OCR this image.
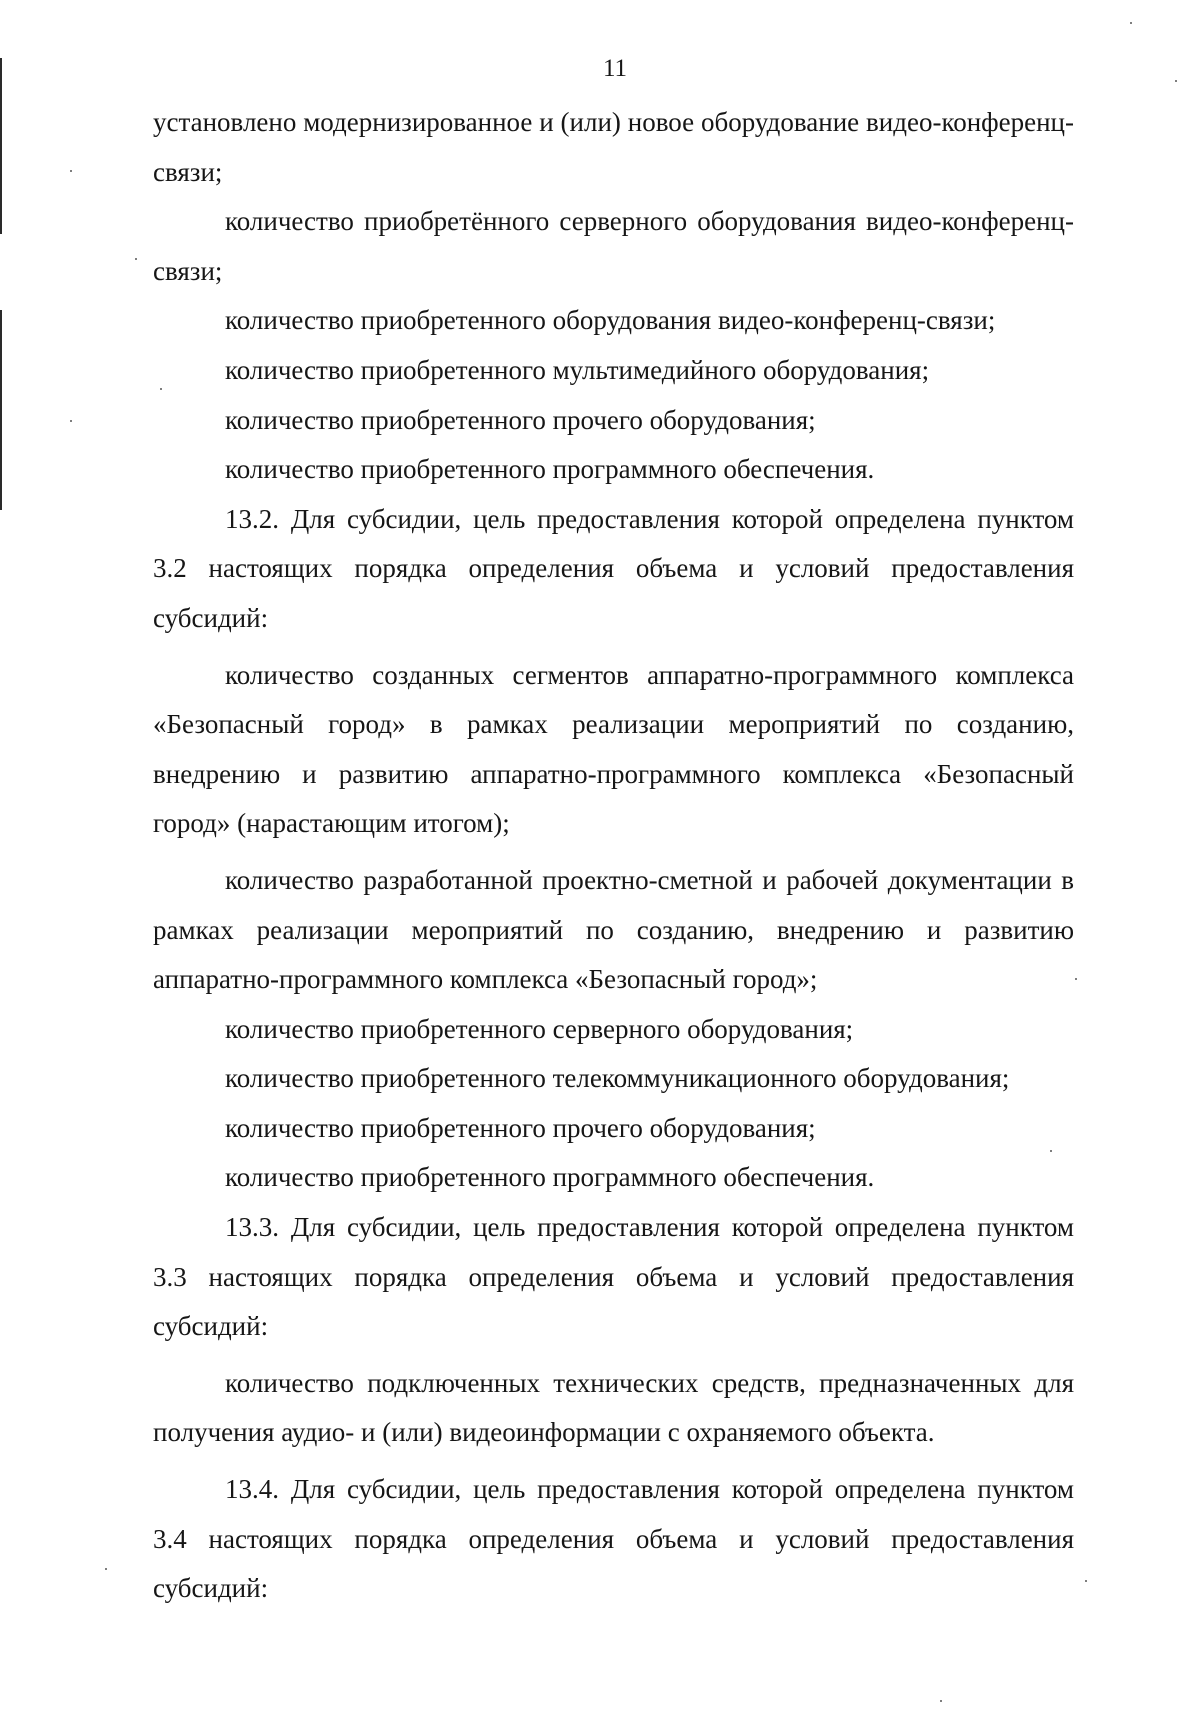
11

установлено модернизированное и (или) новое оборудование видео-конференц-связи;

количество приобретённого серверного оборудования видео-конференц-связи;

количество приобретенного оборудования видео-конференц-связи;

количество приобретенного мультимедийного оборудования;

количество приобретенного прочего оборудования;

количество приобретенного программного обеспечения.

13.2. Для субсидии, цель предоставления которой определена пунктом 3.2 настоящих порядка определения объема и условий предоставления субсидий:

количество созданных сегментов аппаратно-программного комплекса «Безопасный город» в рамках реализации мероприятий по созданию, внедрению и развитию аппаратно-программного комплекса «Безопасный город» (нарастающим итогом);

количество разработанной проектно-сметной и рабочей документации в рамках реализации мероприятий по созданию, внедрению и развитию аппаратно-программного комплекса «Безопасный город»;

количество приобретенного серверного оборудования;

количество приобретенного телекоммуникационного оборудования;

количество приобретенного прочего оборудования;

количество приобретенного программного обеспечения.

13.3. Для субсидии, цель предоставления которой определена пунктом 3.3 настоящих порядка определения объема и условий предоставления субсидий:

количество подключенных технических средств, предназначенных для получения аудио- и (или) видеоинформации с охраняемого объекта.

13.4. Для субсидии, цель предоставления которой определена пунктом 3.4 настоящих порядка определения объема и условий предоставления субсидий:
